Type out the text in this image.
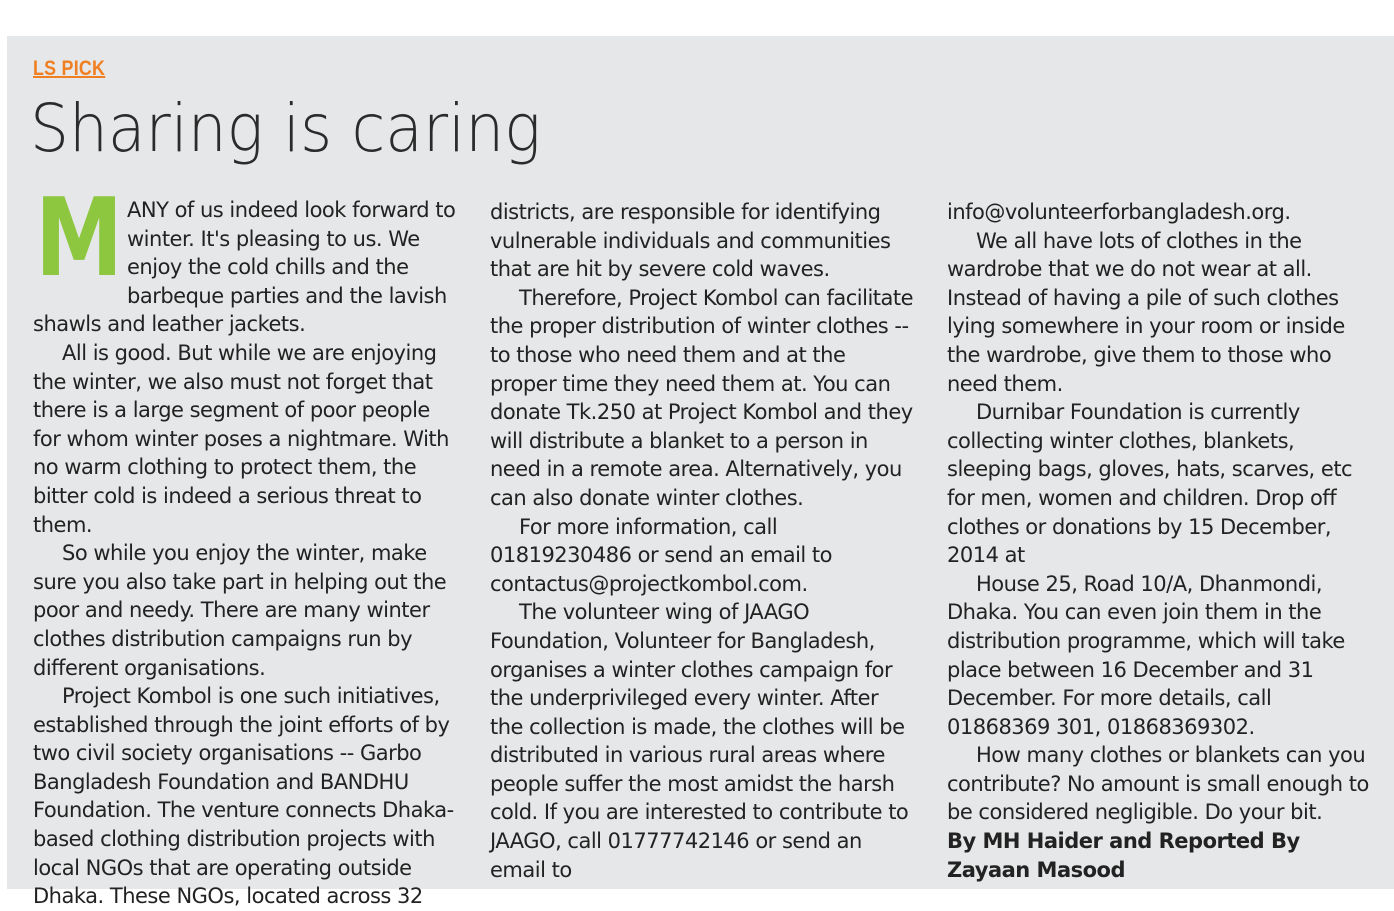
LS PICK
Sharing is caring

MANY of us indeed look forward to winter. It's pleasing to us. We enjoy the cold chills and the barbeque parties and the lavish shawls and leather jackets.

All is good. But while we are enjoying the winter, we also must not forget that there is a large segment of poor people for whom winter poses a nightmare. With no warm clothing to protect them, the bitter cold is indeed a serious threat to them.

So while you enjoy the winter, make sure you also take part in helping out the poor and needy. There are many winter clothes distribution campaigns run by different organisations.

Project Kombol is one such initiatives, established through the joint efforts of by two civil society organisations -- Garbo Bangladesh Foundation and BANDHU Foundation. The venture connects Dhaka-based clothing distribution projects with local NGOs that are operating outside Dhaka. These NGOs, located across 32

districts, are responsible for identifying vulnerable individuals and communities that are hit by severe cold waves.

Therefore, Project Kombol can facilitate the proper distribution of winter clothes -- to those who need them and at the proper time they need them at. You can donate Tk.250 at Project Kombol and they will distribute a blanket to a person in need in a remote area. Alternatively, you can also donate winter clothes.

For more information, call 01819230486 or send an email to contactus@projectkombol.com.

The volunteer wing of JAAGO Foundation, Volunteer for Bangladesh, organises a winter clothes campaign for the underprivileged every winter. After the collection is made, the clothes will be distributed in various rural areas where people suffer the most amidst the harsh cold. If you are interested to contribute to JAAGO, call 01777742146 or send an email to

info@volunteerforbangladesh.org.

We all have lots of clothes in the wardrobe that we do not wear at all. Instead of having a pile of such clothes lying somewhere in your room or inside the wardrobe, give them to those who need them.

Durnibar Foundation is currently collecting winter clothes, blankets, sleeping bags, gloves, hats, scarves, etc for men, women and children. Drop off clothes or donations by 15 December, 2014 at

House 25, Road 10/A, Dhanmondi, Dhaka. You can even join them in the distribution programme, which will take place between 16 December and 31 December. For more details, call 01868369 301, 01868369302.

How many clothes or blankets can you contribute? No amount is small enough to be considered negligible. Do your bit.

By MH Haider and Reported By Zayaan Masood
